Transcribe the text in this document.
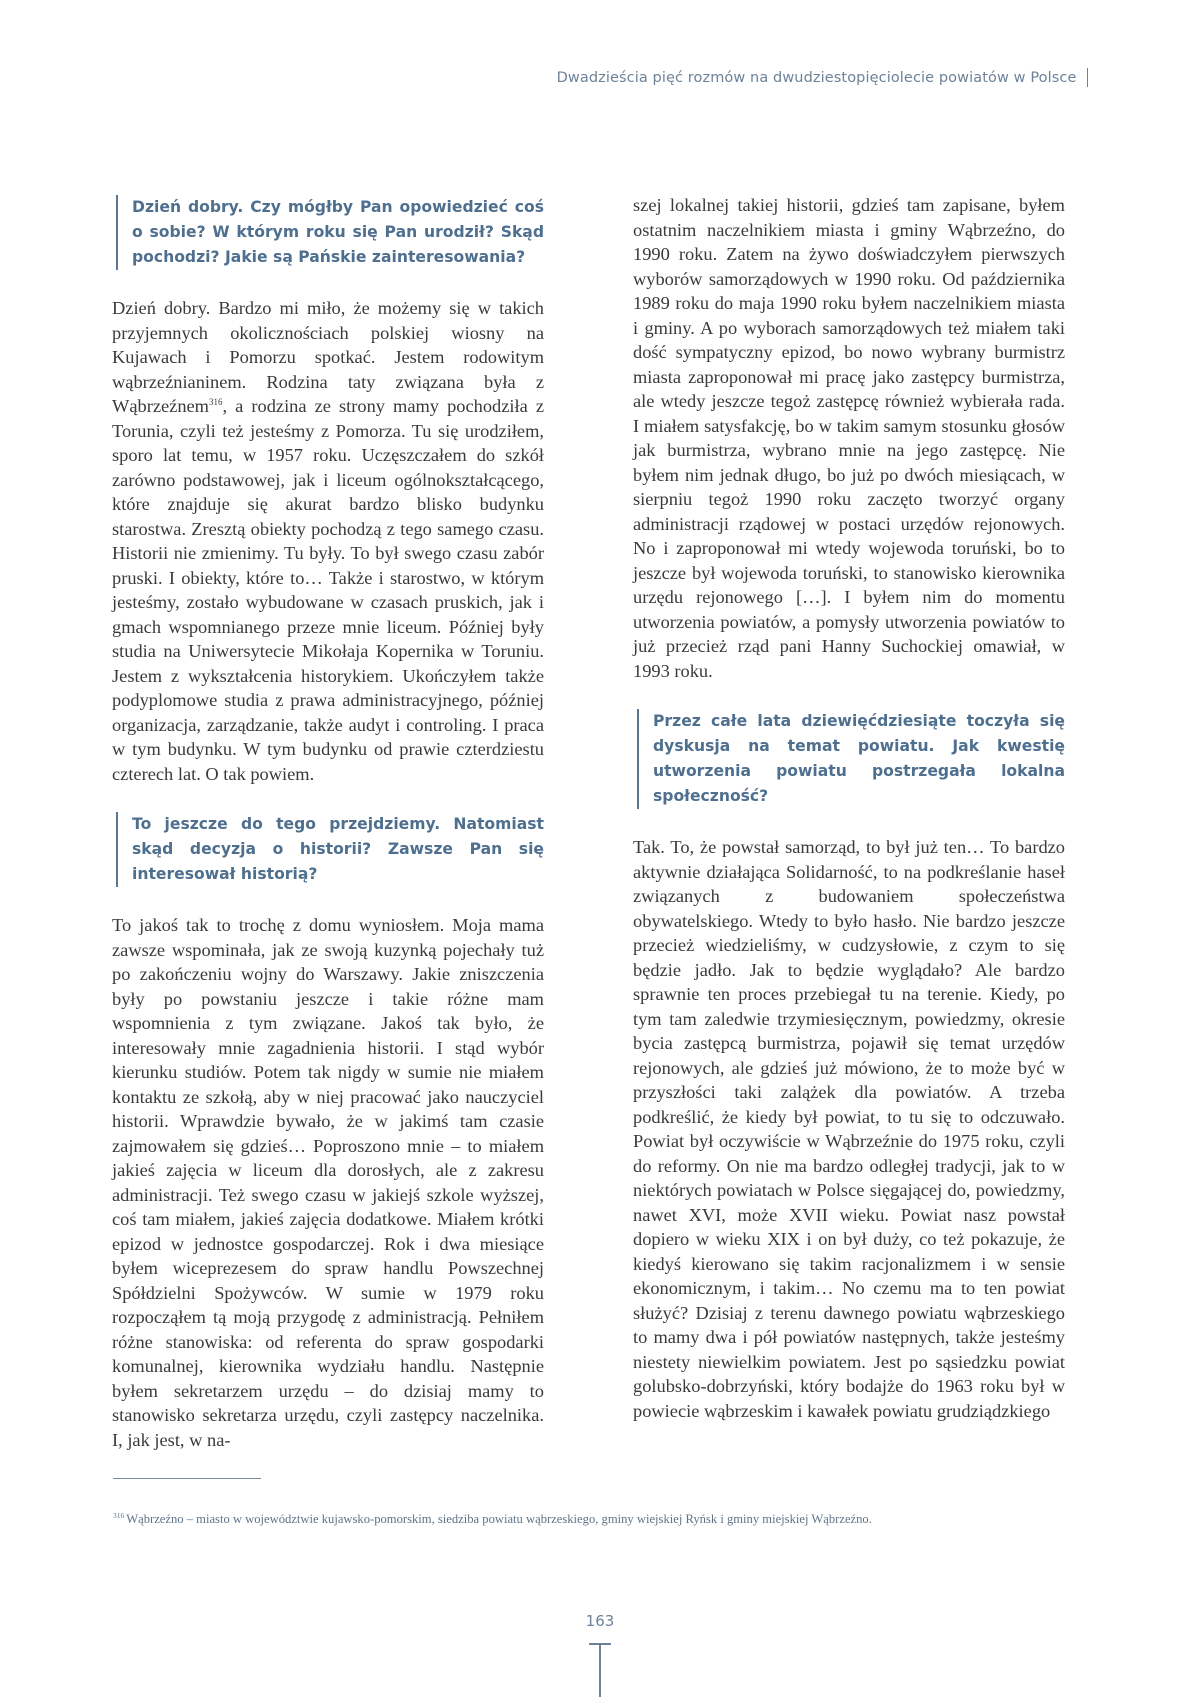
Dwadzieścia pięć rozmów na dwudziestopięciolecie powiatów w Polsce
Dzień dobry. Czy mógłby Pan opowiedzieć coś o sobie? W którym roku się Pan urodził? Skąd pochodzi? Jakie są Pańskie zainteresowania?

Dzień dobry. Bardzo mi miło, że możemy się w takich przyjemnych okolicznościach polskiej wiosny na Kujawach i Pomorzu spotkać. Jestem rodowitym wąbrzeźnianinem. Rodzina taty związana była z Wąbrzeźnem$^{316}$, a rodzina ze strony mamy pochodziła z Torunia, czyli też jesteśmy z Pomorza. Tu się urodziłem, sporo lat temu, w 1957 roku. Uczęszczałem do szkół zarówno podstawowej, jak i liceum ogólnokształcącego, które znajduje się akurat bardzo blisko budynku starostwa. Zresztą obiekty pochodzą z tego samego czasu. Historii nie zmienimy. Tu były. To był swego czasu zabór pruski. I obiekty, które to… Także i starostwo, w którym jesteśmy, zostało wybudowane w czasach pruskich, jak i gmach wspomnianego przeze mnie liceum. Później były studia na Uniwersytecie Mikołaja Kopernika w Toruniu. Jestem z wykształcenia historykiem. Ukończyłem także podyplomowe studia z prawa administracyjnego, później organizacja, zarządzanie, także audyt i controling. I praca w tym budynku. W tym budynku od prawie czterdziestu czterech lat. O tak powiem.

To jeszcze do tego przejdziemy. Natomiast skąd decyzja o historii? Zawsze Pan się interesował historią?

To jakoś tak to trochę z domu wyniosłem. Moja mama zawsze wspominała, jak ze swoją kuzynką pojechały tuż po zakończeniu wojny do Warszawy. Jakie zniszczenia były po powstaniu jeszcze i takie różne mam wspomnienia z tym związane. Jakoś tak było, że interesowały mnie zagadnienia historii. I stąd wybór kierunku studiów. Potem tak nigdy w sumie nie miałem kontaktu ze szkołą, aby w niej pracować jako nauczyciel historii. Wprawdzie bywało, że w jakimś tam czasie zajmowałem się gdzieś… Poproszono mnie – to miałem jakieś zajęcia w liceum dla dorosłych, ale z zakresu administracji. Też swego czasu w jakiejś szkole wyższej, coś tam miałem, jakieś zajęcia dodatkowe. Miałem krótki epizod w jednostce gospodarczej. Rok i dwa miesiące byłem wiceprezesem do spraw handlu Powszechnej Spółdzielni Spożywców. W sumie w 1979 roku rozpocząłem tą moją przygodę z administracją. Pełniłem różne stanowiska: od referenta do spraw gospodarki komunalnej, kierownika wydziału handlu. Następnie byłem sekretarzem urzędu – do dzisiaj mamy to stanowisko sekretarza urzędu, czyli zastępcy naczelnika. I, jak jest, w na-

szej lokalnej takiej historii, gdzieś tam zapisane, byłem ostatnim naczelnikiem miasta i gminy Wąbrzeźno, do 1990 roku. Zatem na żywo doświadczyłem pierwszych wyborów samorządowych w 1990 roku. Od października 1989 roku do maja 1990 roku byłem naczelnikiem miasta i gminy. A po wyborach samorządowych też miałem taki dość sympatyczny epizod, bo nowo wybrany burmistrz miasta zaproponował mi pracę jako zastępcy burmistrza, ale wtedy jeszcze tegoż zastępcę również wybierała rada. I miałem satysfakcję, bo w takim samym stosunku głosów jak burmistrza, wybrano mnie na jego zastępcę. Nie byłem nim jednak długo, bo już po dwóch miesiącach, w sierpniu tegoż 1990 roku zaczęto tworzyć organy administracji rządowej w postaci urzędów rejonowych. No i zaproponował mi wtedy wojewoda toruński, bo to jeszcze był wojewoda toruński, to stanowisko kierownika urzędu rejonowego […]. I byłem nim do momentu utworzenia powiatów, a pomysły utworzenia powiatów to już przecież rząd pani Hanny Suchockiej omawiał, w 1993 roku.

Przez całe lata dziewięćdziesiąte toczyła się dyskusja na temat powiatu. Jak kwestię utworzenia powiatu postrzegała lokalna społeczność?

Tak. To, że powstał samorząd, to był już ten… To bardzo aktywnie działająca Solidarność, to na podkreślanie haseł związanych z budowaniem społeczeństwa obywatelskiego. Wtedy to było hasło. Nie bardzo jeszcze przecież wiedzieliśmy, w cudzysłowie, z czym to się będzie jadło. Jak to będzie wyglądało? Ale bardzo sprawnie ten proces przebiegał tu na terenie. Kiedy, po tym tam zaledwie trzymiesięcznym, powiedzmy, okresie bycia zastępcą burmistrza, pojawił się temat urzędów rejonowych, ale gdzieś już mówiono, że to może być w przyszłości taki zalążek dla powiatów. A trzeba podkreślić, że kiedy był powiat, to tu się to odczuwało. Powiat był oczywiście w Wąbrzeźnie do 1975 roku, czyli do reformy. On nie ma bardzo odległej tradycji, jak to w niektórych powiatach w Polsce sięgającej do, powiedzmy, nawet XVI, może XVII wieku. Powiat nasz powstał dopiero w wieku XIX i on był duży, co też pokazuje, że kiedyś kierowano się takim racjonalizmem i w sensie ekonomicznym, i takim… No czemu ma to ten powiat służyć? Dzisiaj z terenu dawnego powiatu wąbrzeskiego to mamy dwa i pół powiatów następnych, także jesteśmy niestety niewielkim powiatem. Jest po sąsiedzku powiat golubsko-dobrzyński, który bodajże do 1963 roku był w powiecie wąbrzeskim i kawałek powiatu grudziądzkiego

$^{316}$ Wąbrzeźno – miasto w województwie kujawsko-pomorskim, siedziba powiatu wąbrzeskiego, gminy wiejskiej Ryńsk i gminy miejskiej Wąbrzeźno.
163
